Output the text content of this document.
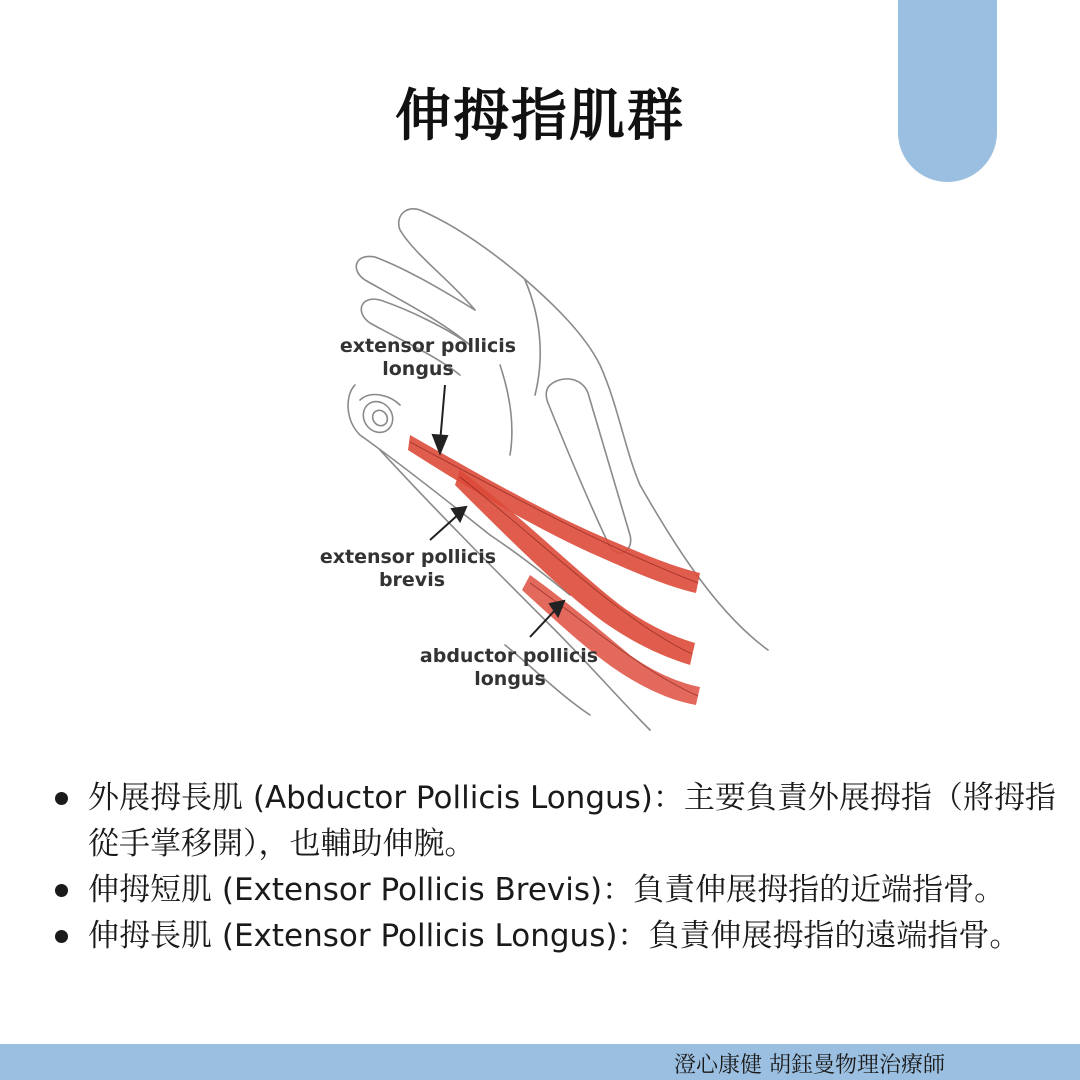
伸拇指肌群
extensor pollicis
longus
extensor pollicis
brevis
abductor pollicis
longus
外展拇長肌 (Abductor Pollicis Longus)：主要負責外展拇指（將拇指從手掌移開），也輔助伸腕。
伸拇短肌 (Extensor Pollicis Brevis)：負責伸展拇指的近端指骨。
伸拇長肌 (Extensor Pollicis Longus)：負責伸展拇指的遠端指骨。
澄心康健 胡鈺曼物理治療師
